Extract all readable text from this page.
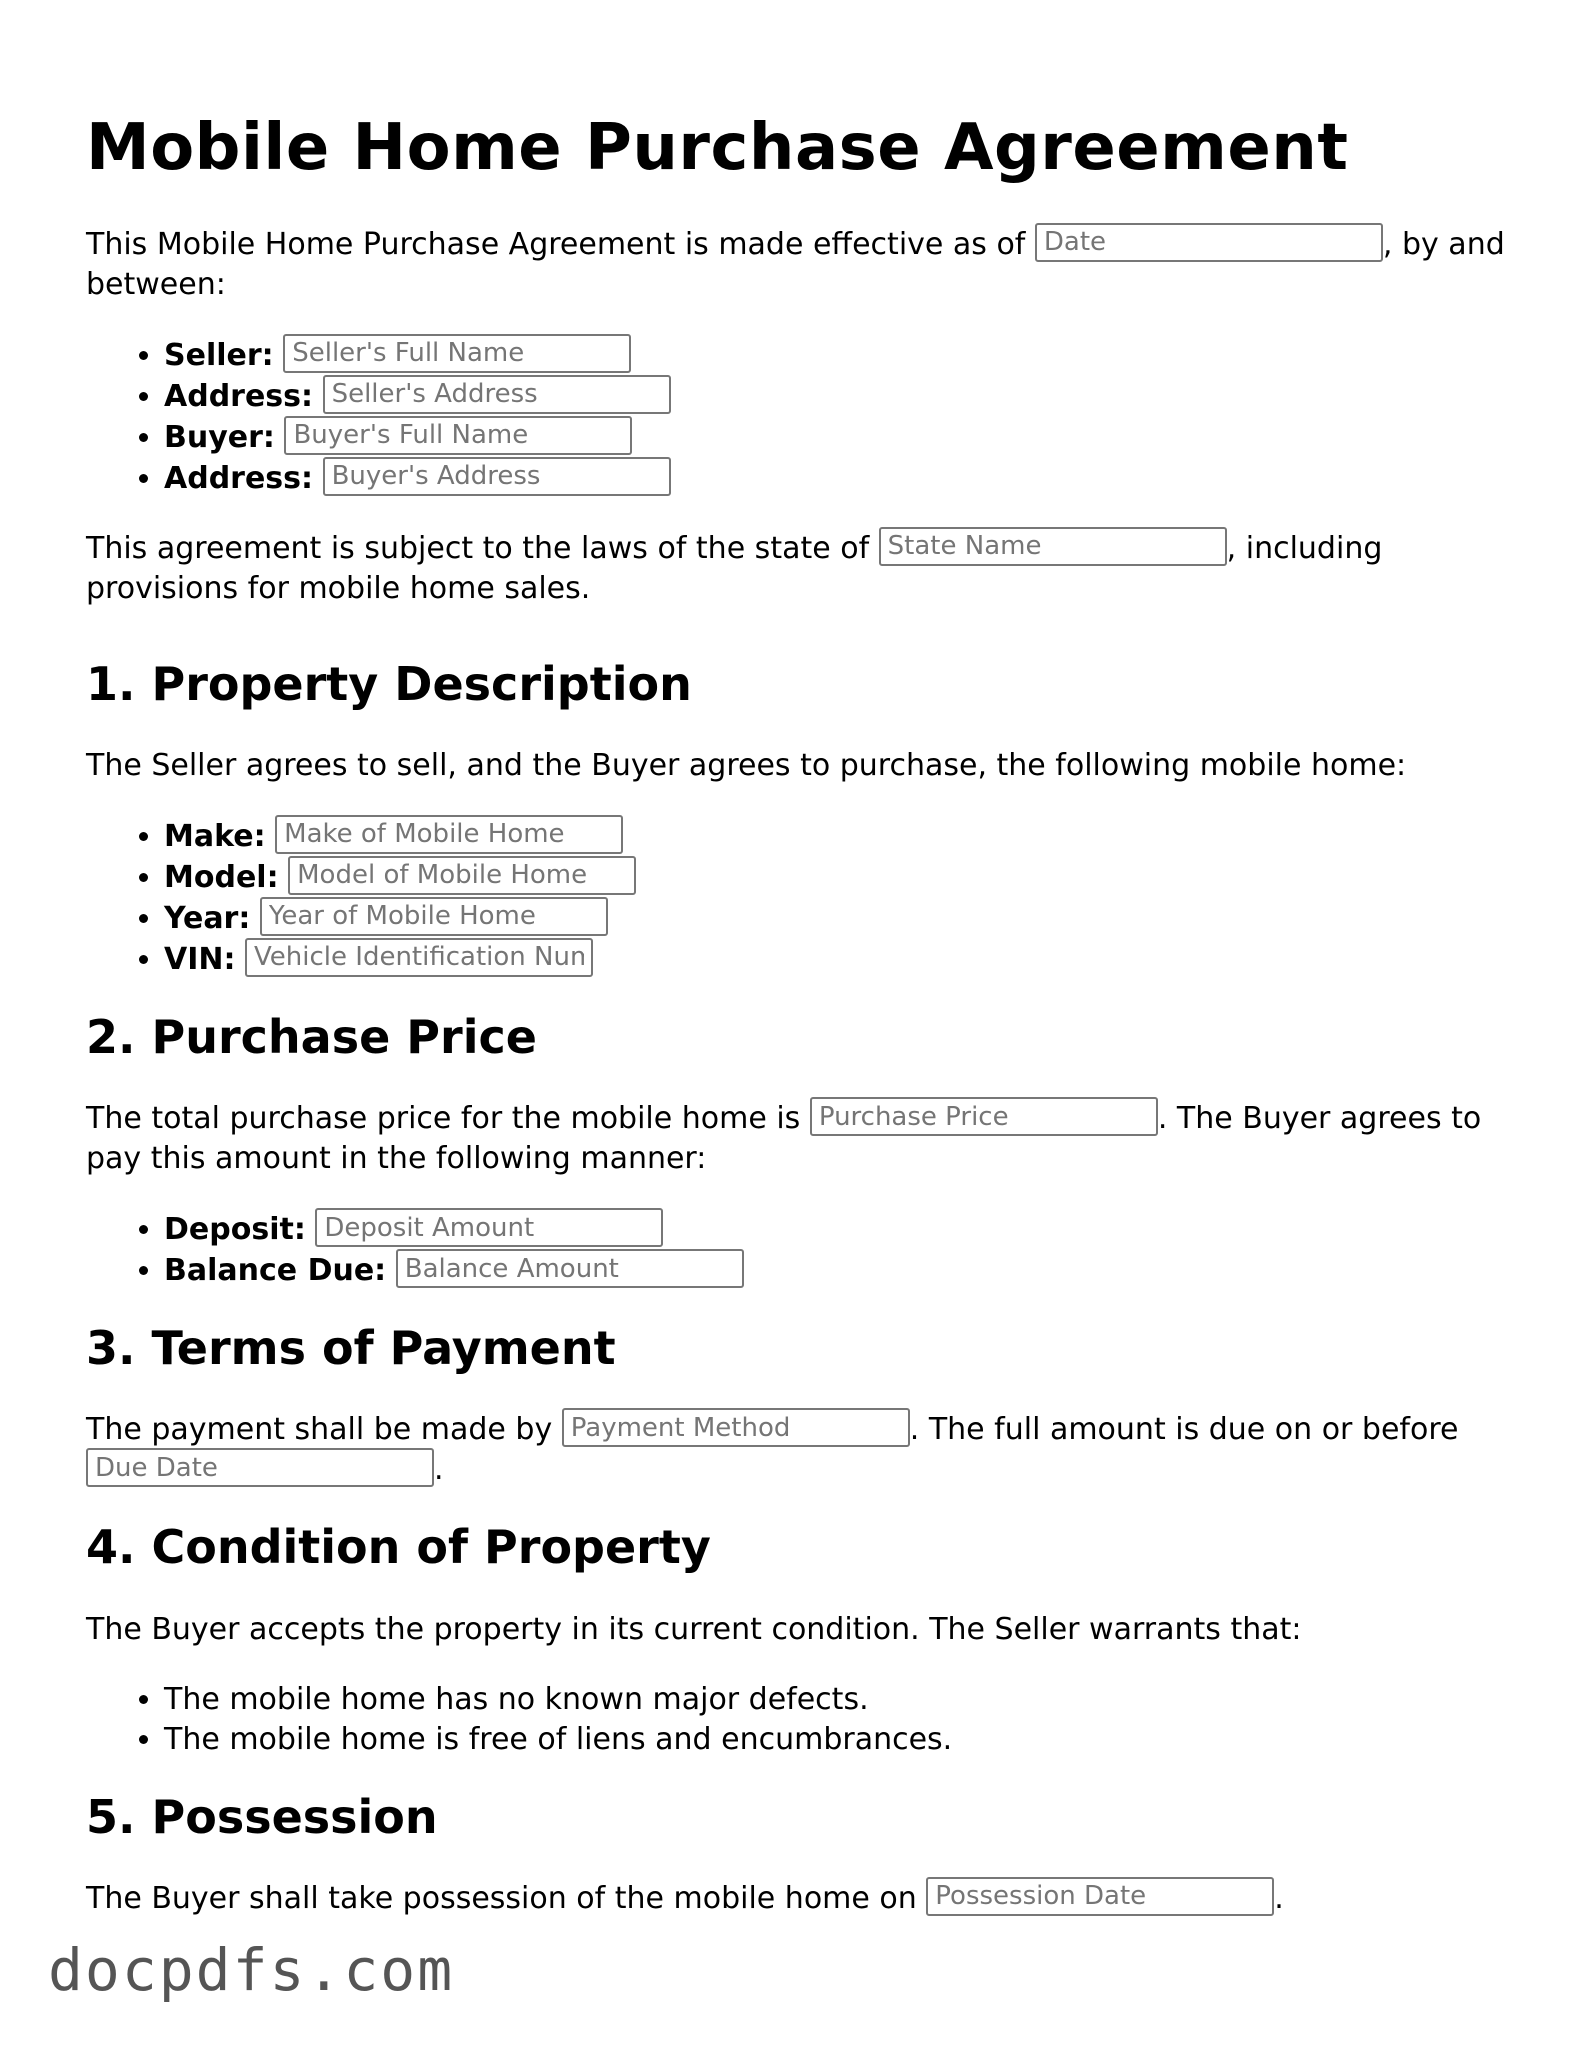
Mobile Home Purchase Agreement

This Mobile Home Purchase Agreement is made effective as of Date	, by and between:

• Seller: Seller's Full Name
• Address: Seller's Address
• Buyer: Buyer's Full Name
• Address: Buyer's Address

This agreement is subject to the laws of the state of State Name	, including provisions for mobile home sales.

1. Property Description

The Seller agrees to sell, and the Buyer agrees to purchase, the following mobile home:

• Make: Make of Mobile Home
• Model: Model of Mobile Home
• Year: Year of Mobile Home
• VIN: Vehicle Identification Num
2. Purchase Price

The total purchase price for the mobile home is Purchase Price	. The Buyer agrees to pay this amount in the following manner:

• Deposit: Deposit Amount
• Balance Due: Balance Amount
3. Terms of Payment

The payment shall be made by Payment Method	. The full amount is due on or before Due Date.

4. Condition of Property

The Buyer accepts the property in its current condition. The Seller warrants that:

• The mobile home has no known major defects.
• The mobile home is free of liens and encumbrances.
5. Possession

The Buyer shall take possession of the mobile home on Possession Date	.

docpdfs.com
